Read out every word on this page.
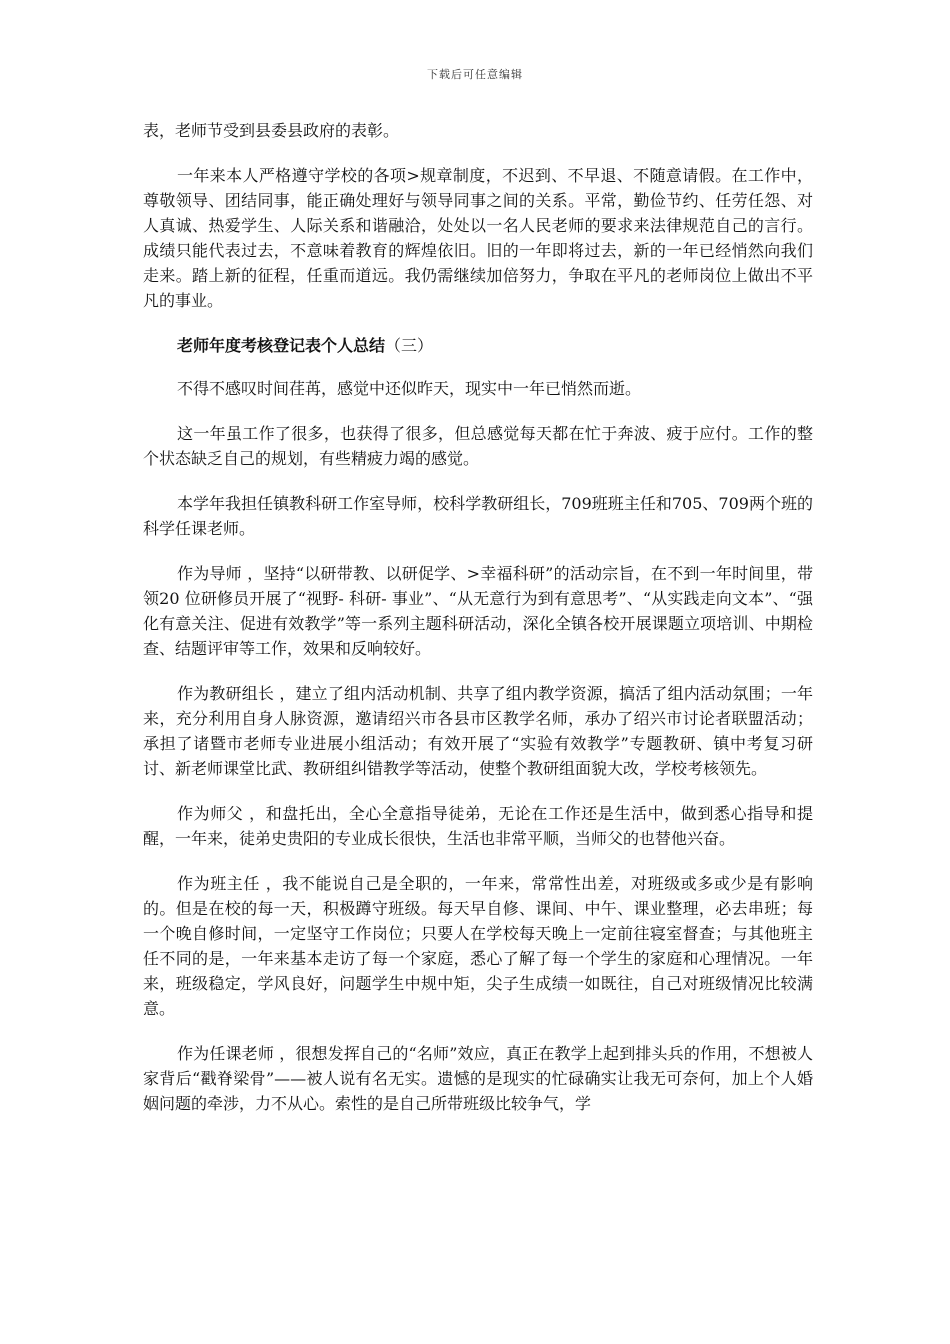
下载后可任意编辑

表，老师节受到县委县政府的表彰。

一年来本人严格遵守学校的各项>规章制度，不迟到、不早退、不随意请假。在工作中，尊敬领导、团结同事，能正确处理好与领导同事之间的关系。平常，勤俭节约、任劳任怨、对人真诚、热爱学生、人际关系和谐融洽，处处以一名人民老师的要求来法律规范自己的言行。成绩只能代表过去，不意味着教育的辉煌依旧。旧的一年即将过去，新的一年已经悄然向我们走来。踏上新的征程，任重而道远。我仍需继续加倍努力，争取在平凡的老师岗位上做出不平凡的事业。

老师年度考核登记表个人总结（三）

不得不感叹时间荏苒，感觉中还似昨天，现实中一年已悄然而逝。

这一年虽工作了很多，也获得了很多，但总感觉每天都在忙于奔波、疲于应付。工作的整个状态缺乏自己的规划，有些精疲力竭的感觉。

本学年我担任镇教科研工作室导师，校科学教研组长，709班班主任和705、709两个班的科学任课老师。

作为导师 ，坚持“以研带教、以研促学、>幸福科研”的活动宗旨，在不到一年时间里，带领20 位研修员开展了“视野- 科研- 事业”、“从无意行为到有意思考”、“从实践走向文本”、“强化有意关注、促进有效教学”等一系列主题科研活动，深化全镇各校开展课题立项培训、中期检查、结题评审等工作，效果和反响较好。

作为教研组长 ，建立了组内活动机制、共享了组内教学资源，搞活了组内活动氛围；一年来，充分利用自身人脉资源，邀请绍兴市各县市区教学名师，承办了绍兴市讨论者联盟活动；承担了诸暨市老师专业进展小组活动；有效开展了“实验有效教学”专题教研、镇中考复习研讨、新老师课堂比武、教研组纠错教学等活动，使整个教研组面貌大改，学校考核领先。

作为师父 ，和盘托出，全心全意指导徒弟，无论在工作还是生活中，做到悉心指导和提醒，一年来，徒弟史贵阳的专业成长很快，生活也非常平顺，当师父的也替他兴奋。

作为班主任 ，我不能说自己是全职的，一年来，常常性出差，对班级或多或少是有影响的。但是在校的每一天，积极蹲守班级。每天早自修、课间、中午、课业整理，必去串班；每一个晚自修时间，一定坚守工作岗位；只要人在学校每天晚上一定前往寝室督查；与其他班主任不同的是，一年来基本走访了每一个家庭，悉心了解了每一个学生的家庭和心理情况。一年来，班级稳定，学风良好，问题学生中规中矩，尖子生成绩一如既往，自己对班级情况比较满意。

作为任课老师 ，很想发挥自己的“名师”效应，真正在教学上起到排头兵的作用，不想被人家背后“戳脊梁骨”——被人说有名无实。遗憾的是现实的忙碌确实让我无可奈何，加上个人婚姻问题的牵涉，力不从心。索性的是自己所带班级比较争气，学
